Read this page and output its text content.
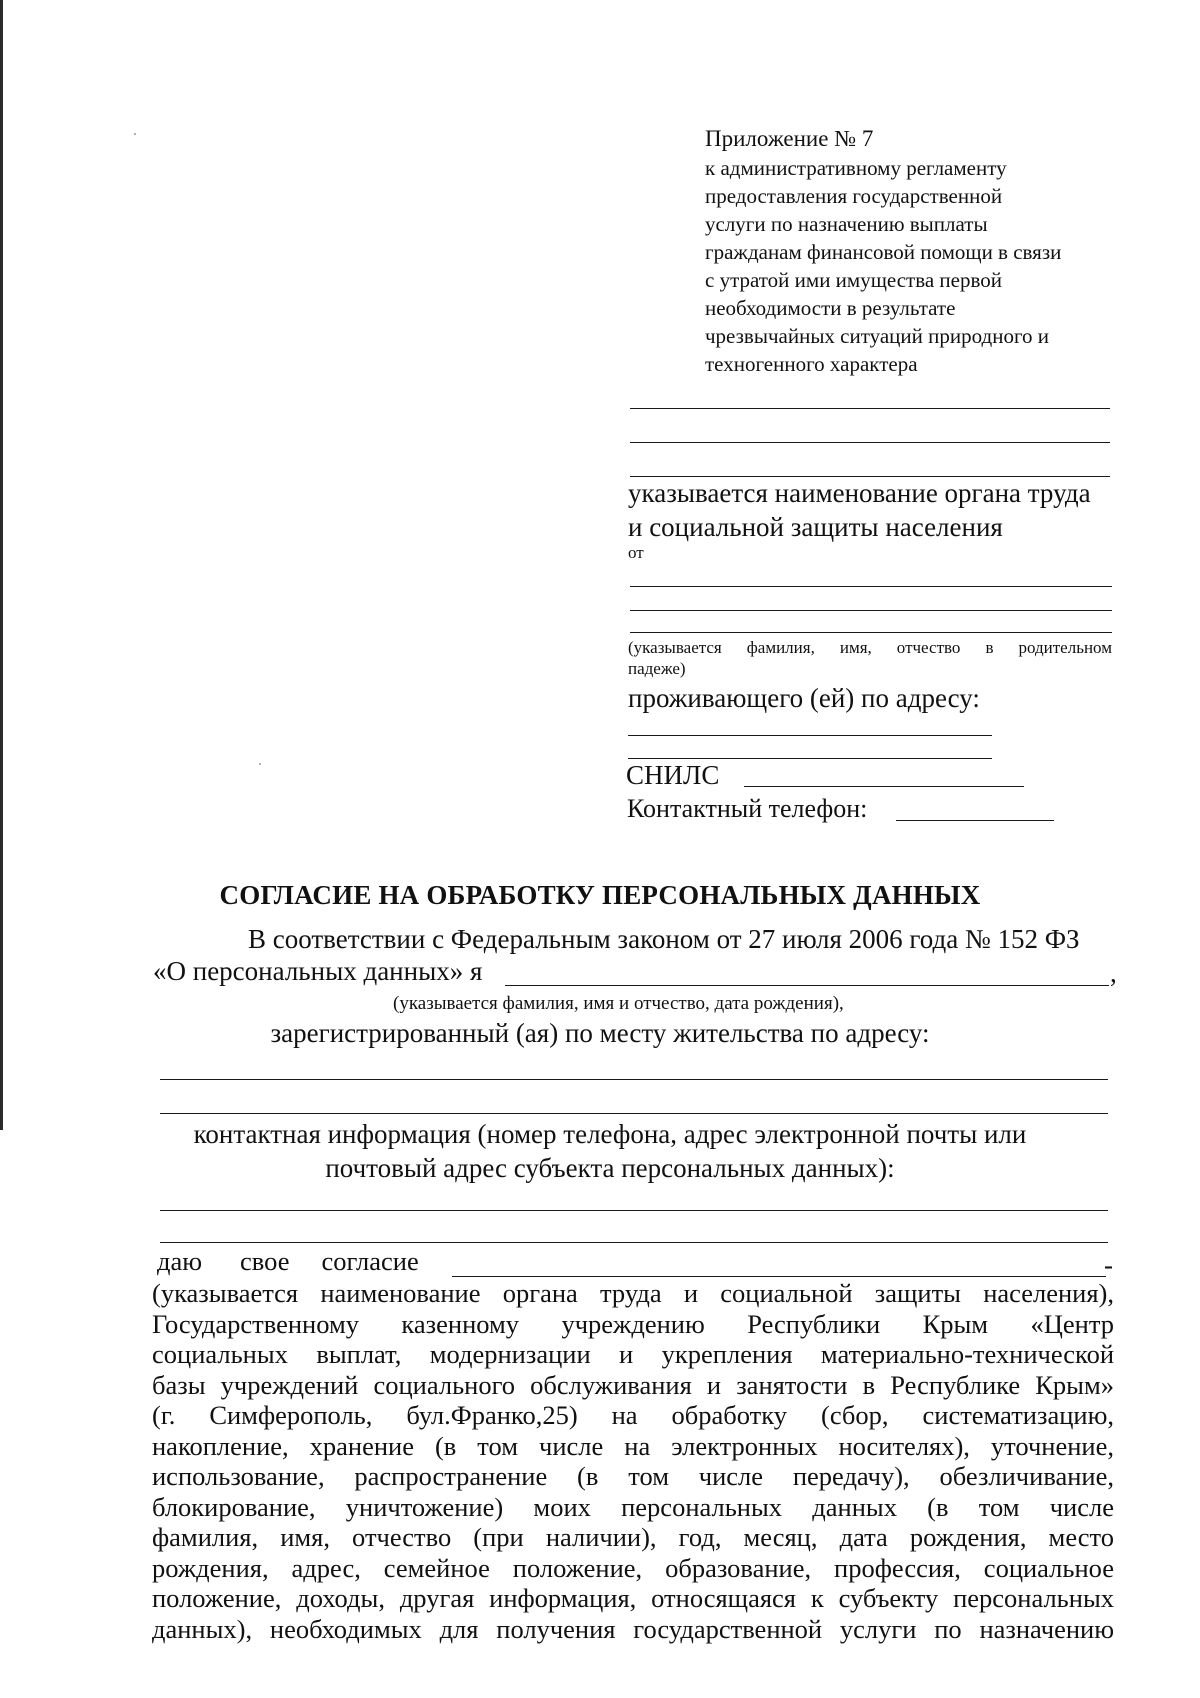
Приложение № 7
к административному регламенту
предоставления государственной
услуги по назначению выплаты
гражданам финансовой помощи в связи
с утратой ими имущества первой
необходимости в результате
чрезвычайных ситуаций природного и
техногенного характера
указывается наименование органа труда
и социальной защиты населения
от
(указывается фамилия, имя, отчество в родительном
падеже)
проживающего (ей) по адресу:
СНИЛС
Контактный телефон:
СОГЛАСИЕ НА ОБРАБОТКУ ПЕРСОНАЛЬНЫХ ДАННЫХ
В соответствии с Федеральным законом от 27 июля 2006 года № 152 ФЗ
«О персональных данных» я	,
(указывается фамилия, имя и отчество, дата рождения),
зарегистрированный (ая) по месту жительства по адресу:
контактная информация (номер телефона, адрес электронной почты или
почтовый адрес субъекта персональных данных):
даю свое согласие	-

(указывается наименование органа труда и социальной защиты населения),

Государственному казенному учреждению Республики Крым «Центр

социальных выплат, модернизации и укрепления материально-технической

базы учреждений социального обслуживания и занятости в Республике Крым»

(г. Симферополь, бул.Франко,25) на обработку (сбор, систематизацию,

накопление, хранение (в том числе на электронных носителях), уточнение,

использование, распространение (в том числе передачу), обезличивание,

блокирование, уничтожение) моих персональных данных (в том числе

фамилия, имя, отчество (при наличии), год, месяц, дата рождения, место

рождения, адрес, семейное положение, образование, профессия, социальное

положение, доходы, другая информация, относящаяся к субъекту персональных

данных), необходимых для получения государственной услуги по назначению
